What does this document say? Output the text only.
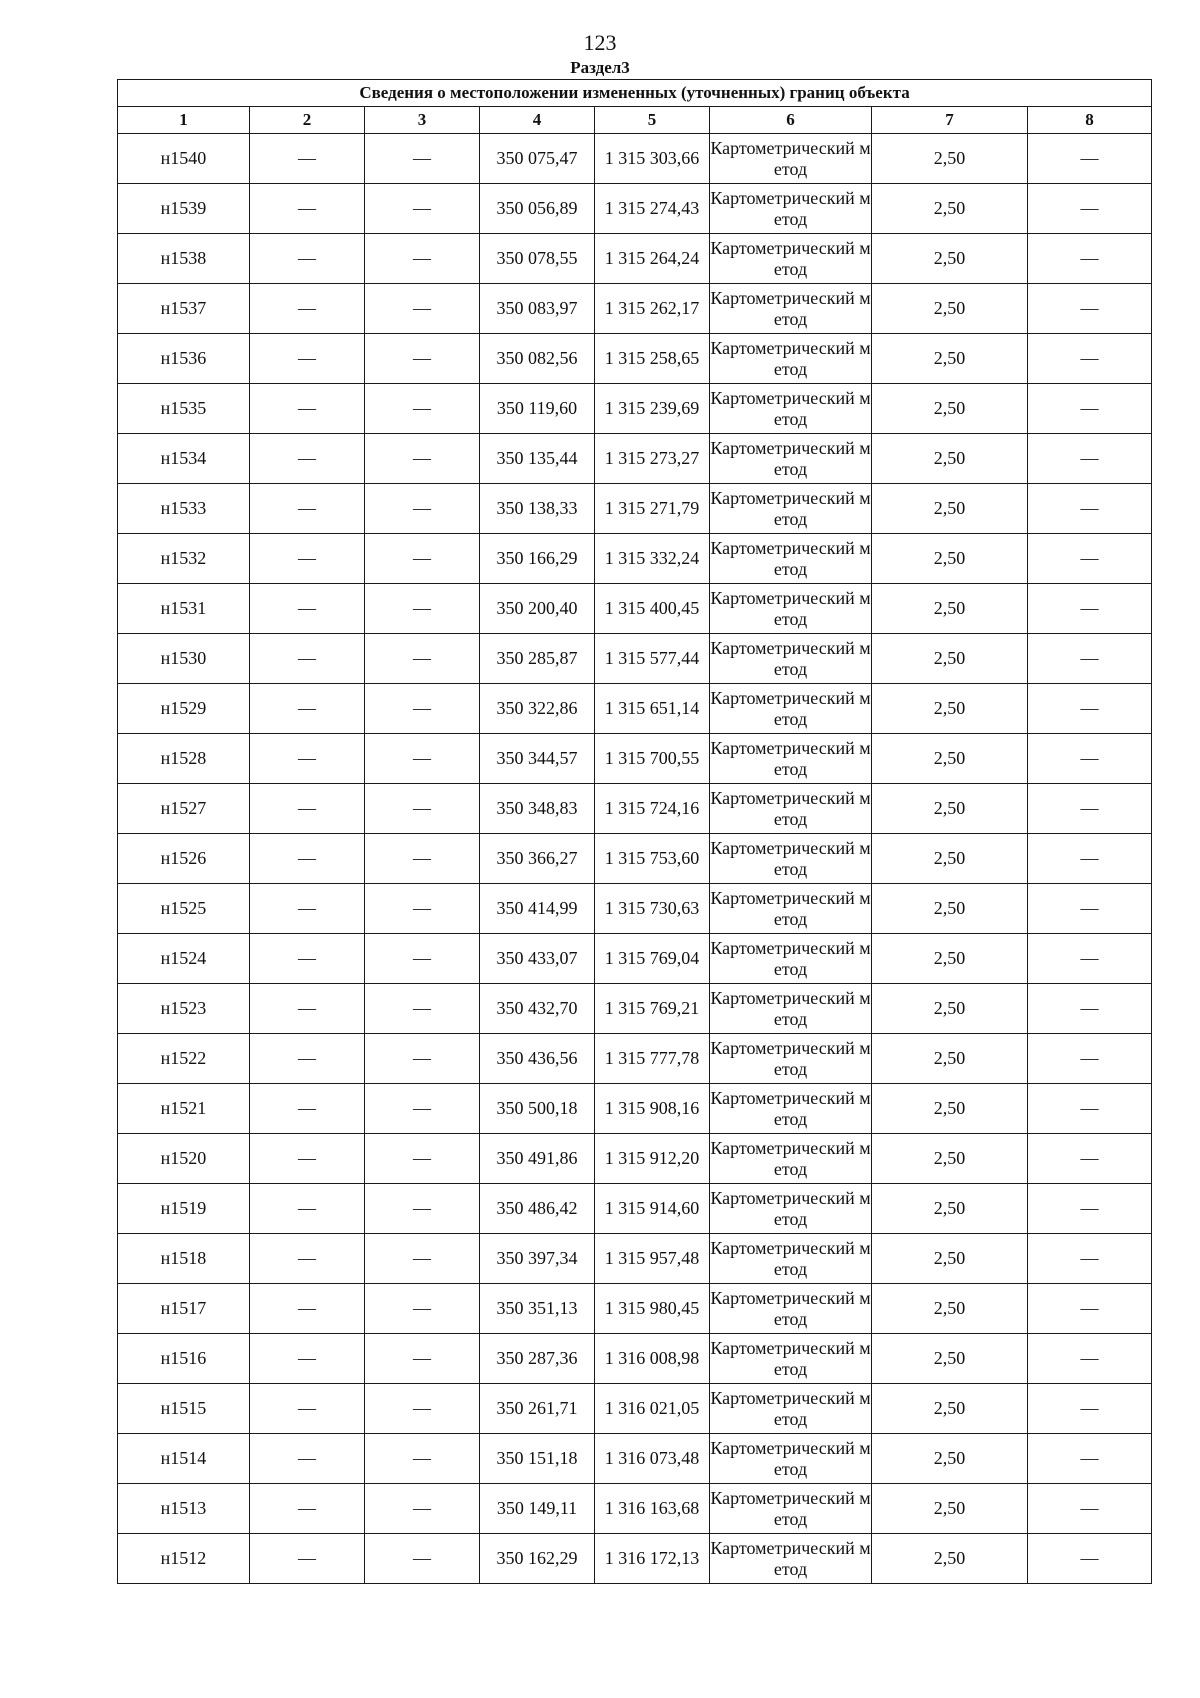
123
Раздел3
Сведения о местоположении измененных (уточненных) границ объекта							
1	2	3	4	5	6	7	8
н1540	—	—	350 075,47	1 315 303,66	Картометрический метод	2,50	—
н1539	—	—	350 056,89	1 315 274,43	Картометрический метод	2,50	—
н1538	—	—	350 078,55	1 315 264,24	Картометрический метод	2,50	—
н1537	—	—	350 083,97	1 315 262,17	Картометрический метод	2,50	—
н1536	—	—	350 082,56	1 315 258,65	Картометрический метод	2,50	—
н1535	—	—	350 119,60	1 315 239,69	Картометрический метод	2,50	—
н1534	—	—	350 135,44	1 315 273,27	Картометрический метод	2,50	—
н1533	—	—	350 138,33	1 315 271,79	Картометрический метод	2,50	—
н1532	—	—	350 166,29	1 315 332,24	Картометрический метод	2,50	—
н1531	—	—	350 200,40	1 315 400,45	Картометрический метод	2,50	—
н1530	—	—	350 285,87	1 315 577,44	Картометрический метод	2,50	—
н1529	—	—	350 322,86	1 315 651,14	Картометрический метод	2,50	—
н1528	—	—	350 344,57	1 315 700,55	Картометрический метод	2,50	—
н1527	—	—	350 348,83	1 315 724,16	Картометрический метод	2,50	—
н1526	—	—	350 366,27	1 315 753,60	Картометрический метод	2,50	—
н1525	—	—	350 414,99	1 315 730,63	Картометрический метод	2,50	—
н1524	—	—	350 433,07	1 315 769,04	Картометрический метод	2,50	—
н1523	—	—	350 432,70	1 315 769,21	Картометрический метод	2,50	—
н1522	—	—	350 436,56	1 315 777,78	Картометрический метод	2,50	—
н1521	—	—	350 500,18	1 315 908,16	Картометрический метод	2,50	—
н1520	—	—	350 491,86	1 315 912,20	Картометрический метод	2,50	—
н1519	—	—	350 486,42	1 315 914,60	Картометрический метод	2,50	—
н1518	—	—	350 397,34	1 315 957,48	Картометрический метод	2,50	—
н1517	—	—	350 351,13	1 315 980,45	Картометрический метод	2,50	—
н1516	—	—	350 287,36	1 316 008,98	Картометрический метод	2,50	—
н1515	—	—	350 261,71	1 316 021,05	Картометрический метод	2,50	—
н1514	—	—	350 151,18	1 316 073,48	Картометрический метод	2,50	—
н1513	—	—	350 149,11	1 316 163,68	Картометрический метод	2,50	—
н1512	—	—	350 162,29	1 316 172,13	Картометрический метод	2,50	—
